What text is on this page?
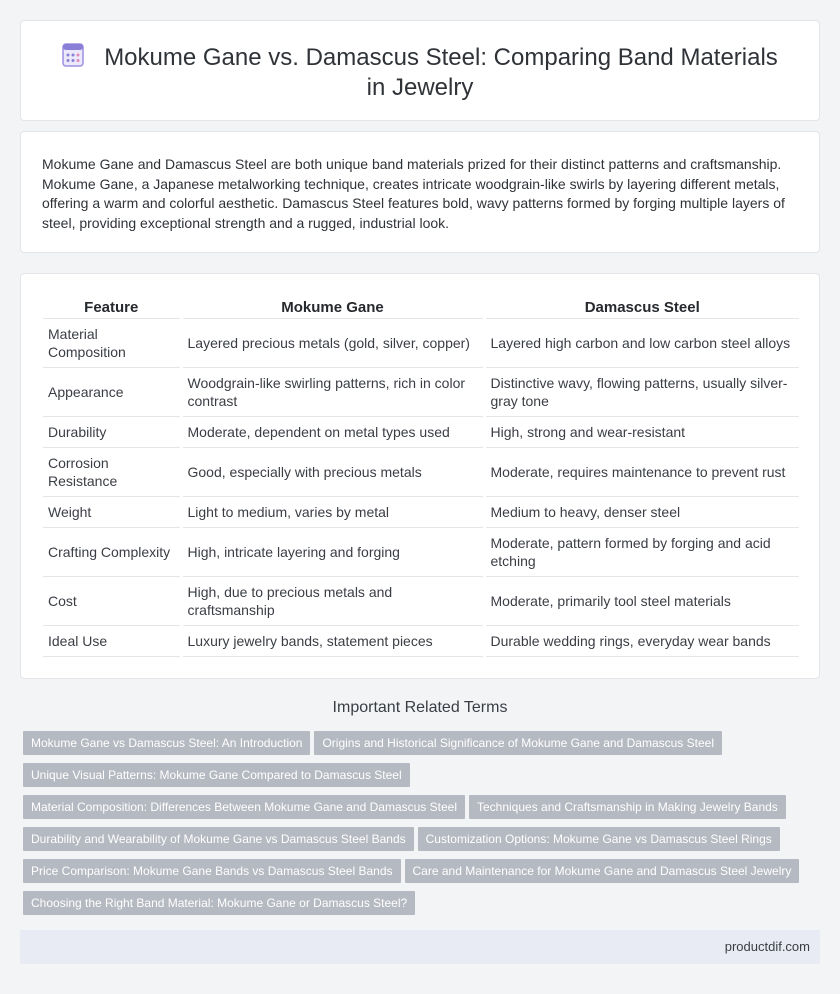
Mokume Gane vs. Damascus Steel: Comparing Band Materials in Jewelry

Mokume Gane and Damascus Steel are both unique band materials prized for their distinct patterns and craftsmanship. Mokume Gane, a Japanese metalworking technique, creates intricate woodgrain-like swirls by layering different metals, offering a warm and colorful aesthetic. Damascus Steel features bold, wavy patterns formed by forging multiple layers of steel, providing exceptional strength and a rugged, industrial look.

Feature	Mokume Gane	Damascus Steel
Material Composition	Layered precious metals (gold, silver, copper)	Layered high carbon and low carbon steel alloys
Appearance	Woodgrain-like swirling patterns, rich in color contrast	Distinctive wavy, flowing patterns, usually silver-gray tone
Durability	Moderate, dependent on metal types used	High, strong and wear-resistant
Corrosion Resistance	Good, especially with precious metals	Moderate, requires maintenance to prevent rust
Weight	Light to medium, varies by metal	Medium to heavy, denser steel
Crafting Complexity	High, intricate layering and forging	Moderate, pattern formed by forging and acid etching
Cost	High, due to precious metals and craftsmanship	Moderate, primarily tool steel materials
Ideal Use	Luxury jewelry bands, statement pieces	Durable wedding rings, everyday wear bands
Important Related Terms
Mokume Gane vs Damascus Steel: An Introduction Origins and Historical Significance of Mokume Gane and Damascus Steel
Unique Visual Patterns: Mokume Gane Compared to Damascus Steel
Material Composition: Differences Between Mokume Gane and Damascus Steel Techniques and Craftsmanship in Making Jewelry Bands
Durability and Wearability of Mokume Gane vs Damascus Steel Bands Customization Options: Mokume Gane vs Damascus Steel Rings
Price Comparison: Mokume Gane Bands vs Damascus Steel Bands Care and Maintenance for Mokume Gane and Damascus Steel Jewelry
Choosing the Right Band Material: Mokume Gane or Damascus Steel?
productdif.com
